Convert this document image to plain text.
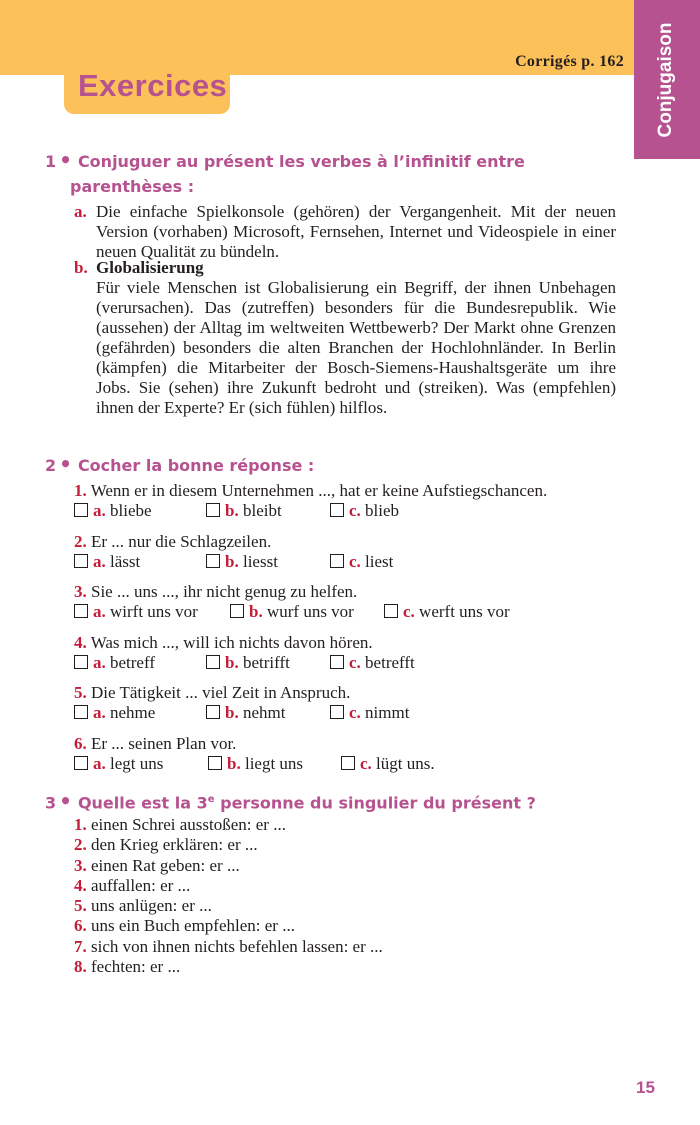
Corrigés p. 162 Conjugaison
Exercices
1 • Conjuguer au présent les verbes à l’infinitif entre
parenthèses :
a. Die einfache Spielkonsole (gehören) der Vergangenheit. Mit der neuen Version (vorhaben) Microsoft, Fernsehen, Internet und Videospiele in einer neuen Qualität zu bündeln.
b. Globalisierung
Für viele Menschen ist Globalisierung ein Begriff, der ihnen Unbehagen (verursachen). Das (zutreffen) besonders für die Bundesrepublik. Wie (aussehen) der Alltag im weltweiten Wettbewerb? Der Markt ohne Grenzen (gefährden) besonders die alten Branchen der Hochlohnländer. In Berlin (kämpfen) die Mitarbeiter der Bosch-Siemens-Haushaltsgeräte um ihre Jobs. Sie (sehen) ihre Zukunft bedroht und (streiken). Was (empfehlen) ihnen der Experte? Er (sich fühlen) hilflos.
2 • Cocher la bonne réponse :
1. Wenn er in diesem Unternehmen ..., hat er keine Aufstiegschancen.
a. bliebe	b. bleibt	c. blieb
2. Er ... nur die Schlagzeilen.
a. lässt	b. liesst	c. liest
3. Sie ... uns ..., ihr nicht genug zu helfen.
a. wirft uns vor	b. wurf uns vor	c. werft uns vor
4. Was mich ..., will ich nichts davon hören.
a. betreff	b. betrifft	c. betrefft
5. Die Tätigkeit ... viel Zeit in Anspruch.
a. nehme	b. nehmt	c. nimmt
6. Er ... seinen Plan vor.
a. legt uns	b. liegt uns	c. lügt uns.
3 • Quelle est la 3e personne du singulier du présent ?
1. einen Schrei ausstoßen: er ...
2. den Krieg erklären: er ...
3. einen Rat geben: er ...
4. auffallen: er ...
5. uns anlügen: er ...
6. uns ein Buch empfehlen: er ...
7. sich von ihnen nichts befehlen lassen: er ...
8. fechten: er ...
15
